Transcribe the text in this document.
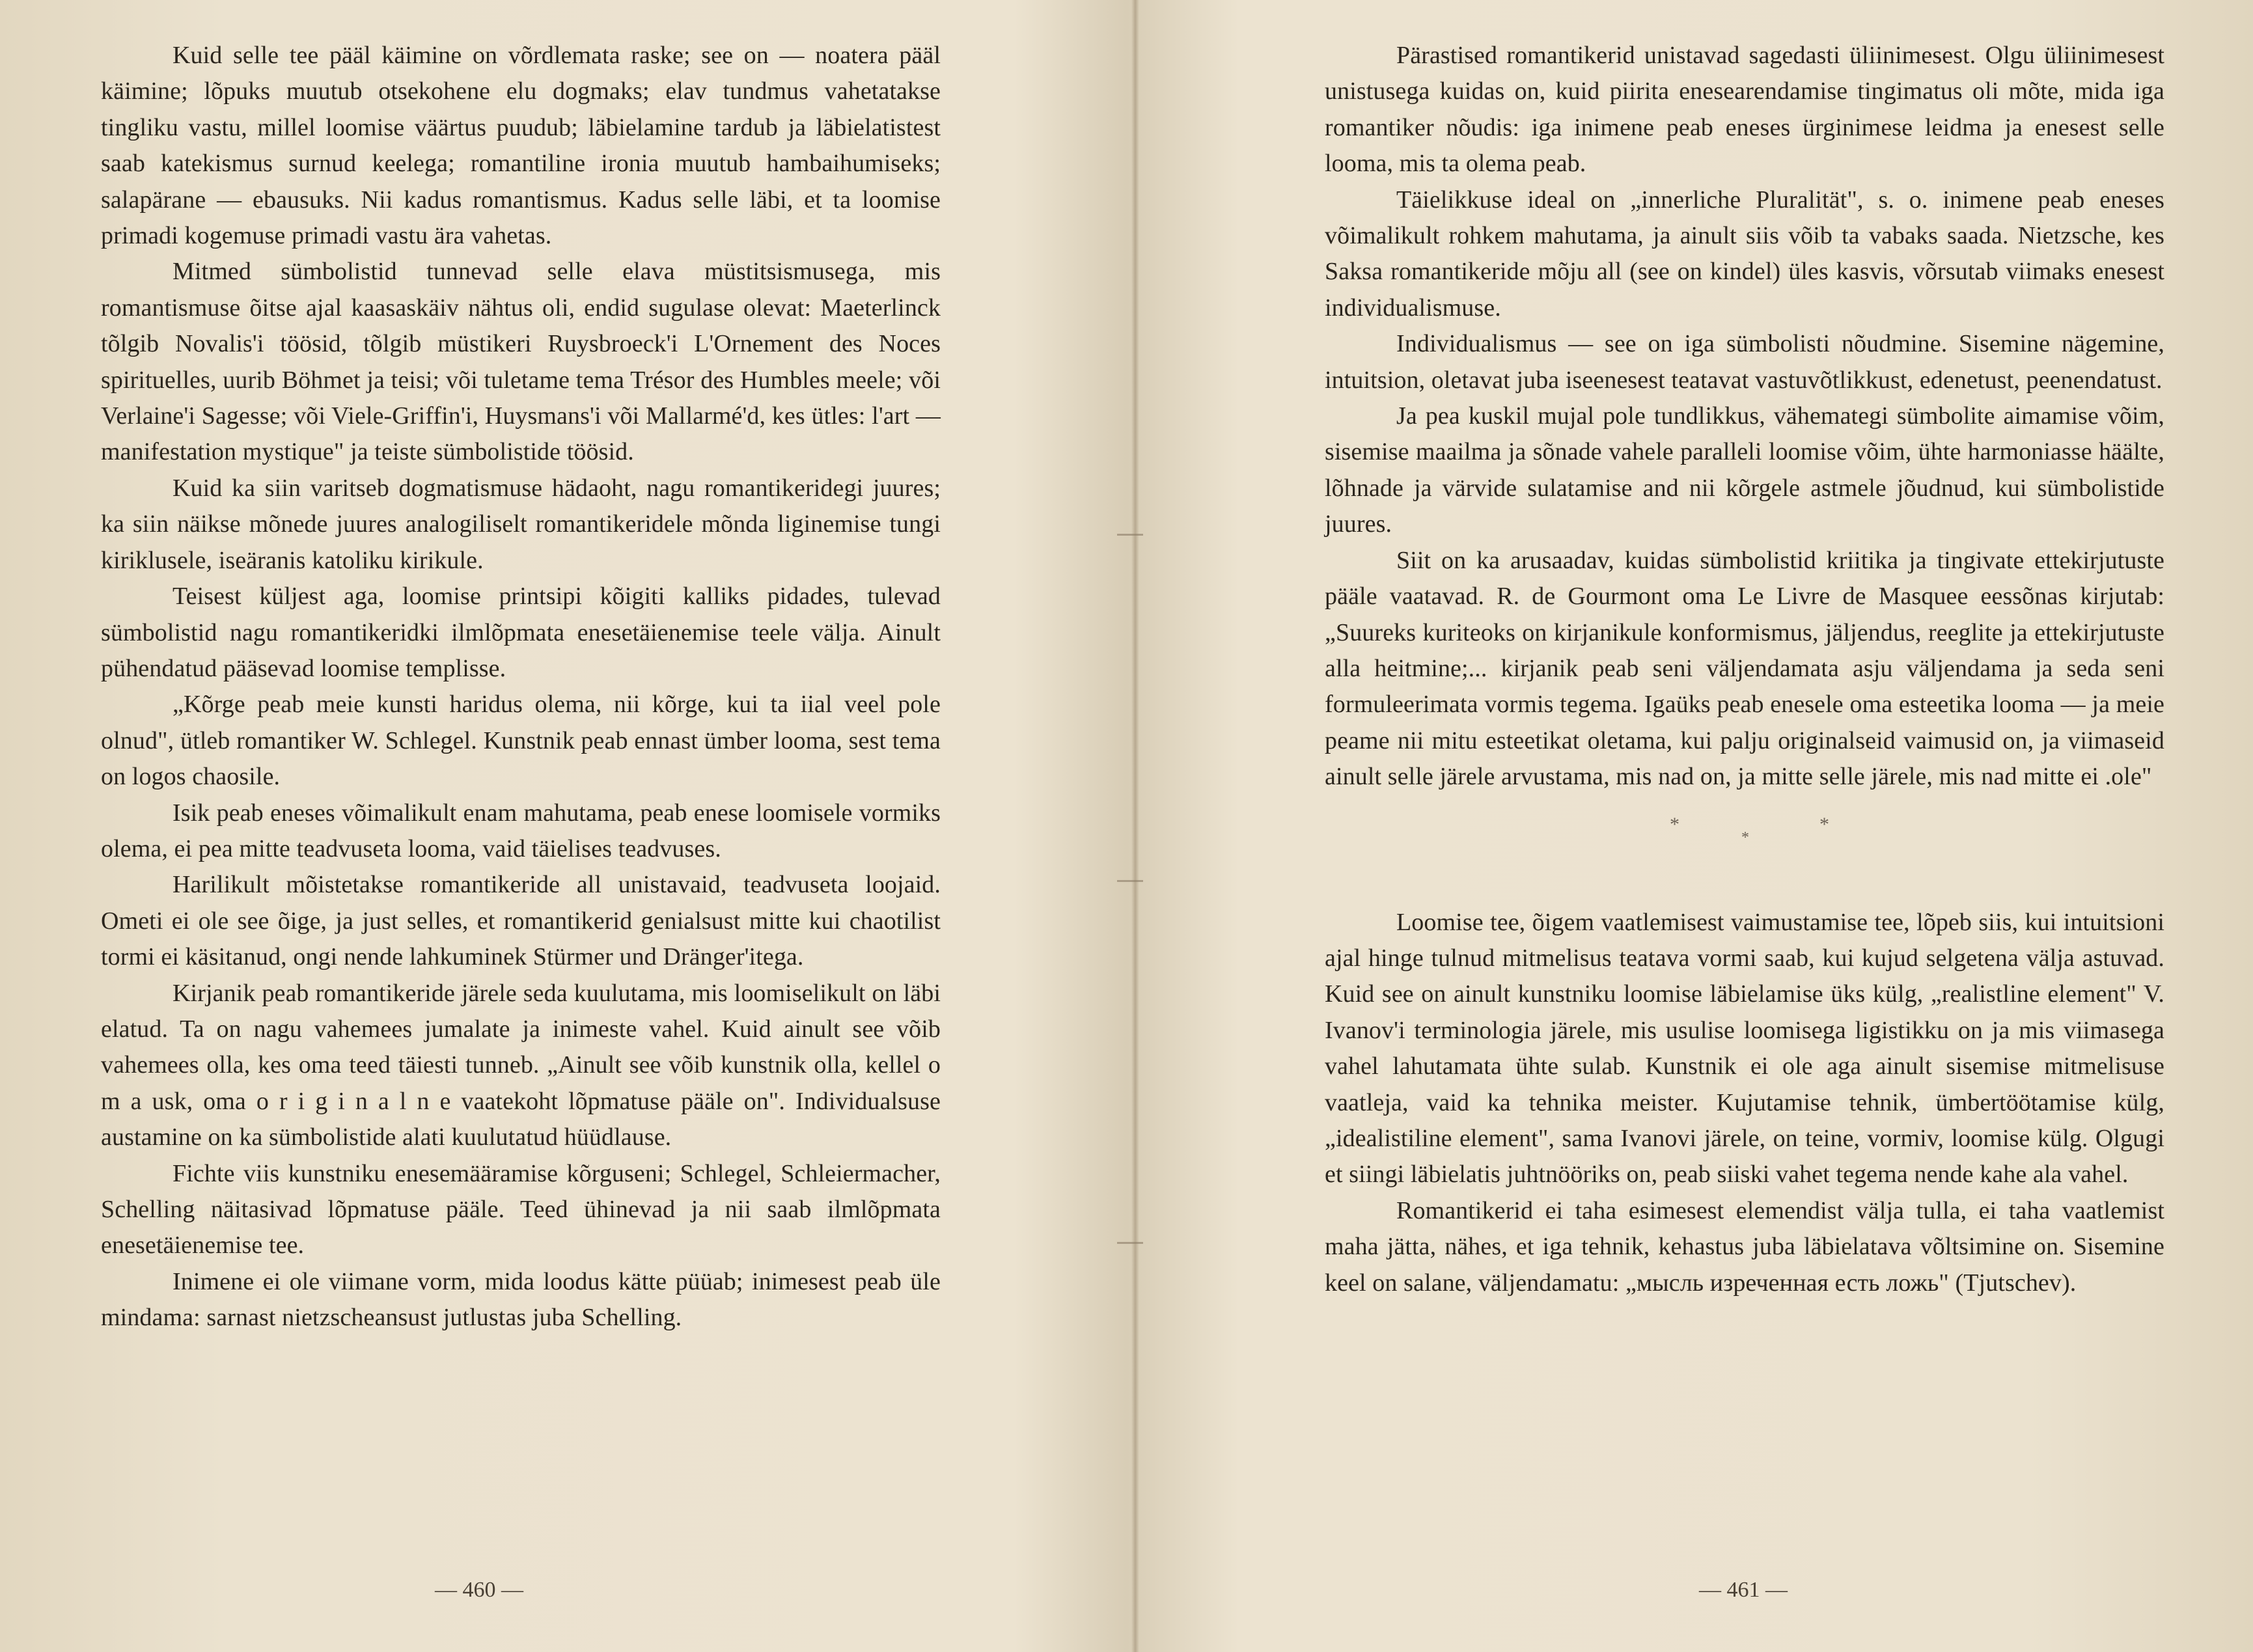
Kuid selle tee pääl käimine on võrdlemata raske; see on — noatera pääl käimine; lõpuks muutub otsekohene elu dogmaks; elav tundmus vahetatakse tingliku vastu, millel loomise väärtus puudub; läbielamine tardub ja läbielatistest saab katekismus surnud keelega; romantiline ironia muutub hambaihumiseks; salapärane — ebausuks. Nii kadus romantismus. Kadus selle läbi, et ta loomise primadi kogemuse primadi vastu ära vahetas.

Mitmed sümbolistid tunnevad selle elava müstitsismusega, mis romantismuse õitse ajal kaasaskäiv nähtus oli, endid sugulase olevat: Maeterlinck tõlgib Novalis'i töösid, tõlgib müstikeri Ruysbroeck'i L'Ornement des Noces spirituelles, uurib Böhmet ja teisi; või tuletame tema Trésor des Humbles meele; või Verlaine'i Sagesse; või Viele-Griffin'i, Huysmans'i või Mallarmé'd, kes ütles: l'art — manifestation mystique" ja teiste sümbolistide töösid.

Kuid ka siin varitseb dogmatismuse hädaoht, nagu romantikeridegi juures; ka siin näikse mõnede juures analogiliselt romantikeridele mõnda liginemise tungi kiriklusele, iseäranis katoliku kirikule.

Teisest küljest aga, loomise printsipi kõigiti kalliks pidades, tulevad sümbolistid nagu romantikeridki ilmlõpmata enesetäienemise teele välja. Ainult pühendatud pääsevad loomise templisse.

„Kõrge peab meie kunsti haridus olema, nii kõrge, kui ta iial veel pole olnud", ütleb romantiker W. Schlegel. Kunstnik peab ennast ümber looma, sest tema on logos chaosile.

Isik peab eneses võimalikult enam mahutama, peab enese loomisele vormiks olema, ei pea mitte teadvuseta looma, vaid täielises teadvuses.

Harilikult mõistetakse romantikeride all unistavaid, teadvuseta loojaid. Ometi ei ole see õige, ja just selles, et romantikerid genialsust mitte kui chaotilist tormi ei käsitanud, ongi nende lahkuminek Stürmer und Dränger'itega.

Kirjanik peab romantikeride järele seda kuulutama, mis loomiselikult on läbi elatud. Ta on nagu vahemees jumalate ja inimeste vahel. Kuid ainult see võib vahemees olla, kes oma teed täiesti tunneb. „Ainult see võib kunstnik olla, kellel o m a usk, oma o r i g i n a l n e vaatekoht lõpmatuse pääle on". Individualsuse austamine on ka sümbolistide alati kuulutatud hüüdlause.

Fichte viis kunstniku enesemääramise kõrguseni; Schlegel, Schleiermacher, Schelling näitasivad lõpmatuse pääle. Teed ühinevad ja nii saab ilmlõpmata enesetäienemise tee.

Inimene ei ole viimane vorm, mida loodus kätte püüab; inimesest peab üle mindama: sarnast nietzscheansust jutlustas juba Schelling.

— 460 —

Pärastised romantikerid unistavad sagedasti üliinimesest. Olgu üliinimesest unistusega kuidas on, kuid piirita enesearendamise tingimatus oli mõte, mida iga romantiker nõudis: iga inimene peab eneses ürginimese leidma ja enesest selle looma, mis ta olema peab.

Täielikkuse ideal on „innerliche Pluralität", s. o. inimene peab eneses võimalikult rohkem mahutama, ja ainult siis võib ta vabaks saada. Nietzsche, kes Saksa romantikeride mõju all (see on kindel) üles kasvis, võrsutab viimaks enesest individualismuse.

Individualismus — see on iga sümbolisti nõudmine. Sisemine nägemine, intuitsion, oletavat juba iseenesest teatavat vastuvõtlikkust, edenetust, peenendatust.

Ja pea kuskil mujal pole tundlikkus, vähemategi sümbolite aimamise võim, sisemise maailma ja sõnade vahele paralleli loomise võim, ühte harmoniasse häälte, lõhnade ja värvide sulatamise and nii kõrgele astmele jõudnud, kui sümbolistide juures.

Siit on ka arusaadav, kuidas sümbolistid kriitika ja tingivate ettekirjutuste pääle vaatavad. R. de Gourmont oma Le Livre de Masquee eessõnas kirjutab: „Suureks kuriteoks on kirjanikule konformismus, jäljendus, reeglite ja ettekirjutuste alla heitmine;... kirjanik peab seni väljendamata asju väljendama ja seda seni formuleerimata vormis tegema. Igaüks peab enesele oma esteetika looma — ja meie peame nii mitu esteetikat oletama, kui palju originalseid vaimusid on, ja viimaseid ainult selle järele arvustama, mis nad on, ja mitte selle järele, mis nad mitte ei .ole"

*
*
*

Loomise tee, õigem vaatlemisest vaimustamise tee, lõpeb siis, kui intuitsioni ajal hinge tulnud mitmelisus teatava vormi saab, kui kujud selgetena välja astuvad. Kuid see on ainult kunstniku loomise läbielamise üks külg, „realistline element" V. Ivanov'i terminologia järele, mis usulise loomisega ligistikku on ja mis viimasega vahel lahutamata ühte sulab. Kunstnik ei ole aga ainult sisemise mitmelisuse vaatleja, vaid ka tehnika meister. Kujutamise tehnik, ümbertöötamise külg, „idealistiline element", sama Ivanovi järele, on teine, vormiv, loomise külg. Olgugi et siingi läbielatis juhtnööriks on, peab siiski vahet tegema nende kahe ala vahel.

Romantikerid ei taha esimesest elemendist välja tulla, ei taha vaatlemist maha jätta, nähes, et iga tehnik, kehastus juba läbielatava võltsimine on. Sisemine keel on salane, väljendamatu: „мысль изреченная есть ложь" (Tjutschev).

— 461 —
